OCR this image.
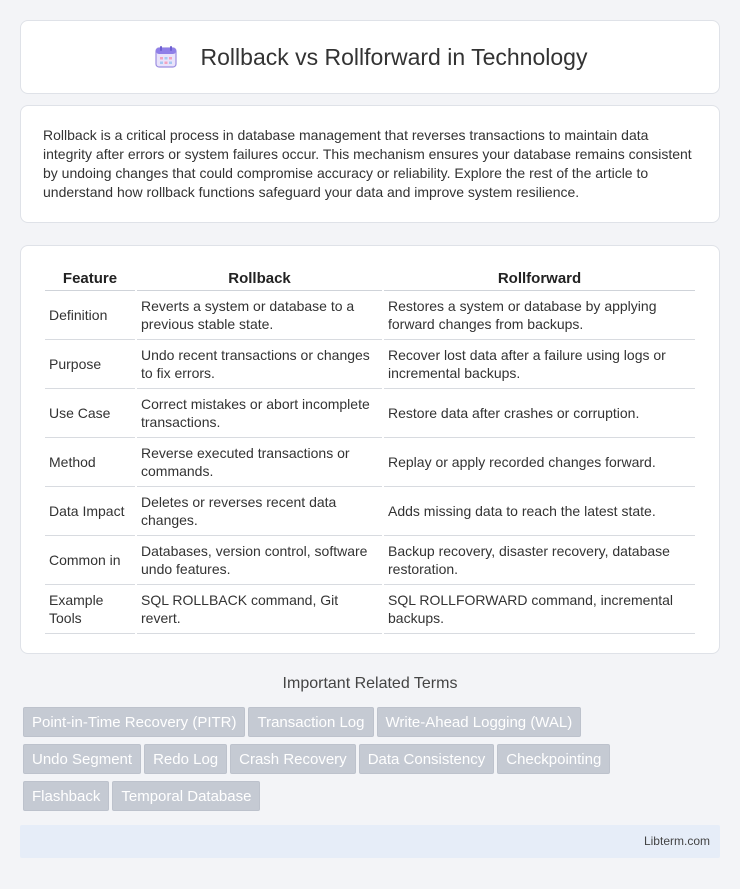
Rollback vs Rollforward in Technology

Rollback is a critical process in database management that reverses transactions to maintain data integrity after errors or system failures occur. This mechanism ensures your database remains consistent by undoing changes that could compromise accuracy or reliability. Explore the rest of the article to understand how rollback functions safeguard your data and improve system resilience.

Feature	Rollback	Rollforward
Definition	Reverts a system or database to a previous stable state.	Restores a system or database by applying forward changes from backups.
Purpose	Undo recent transactions or changes to fix errors.	Recover lost data after a failure using logs or incremental backups.
Use Case	Correct mistakes or abort incomplete transactions.	Restore data after crashes or corruption.
Method	Reverse executed transactions or commands.	Replay or apply recorded changes forward.
Data Impact	Deletes or reverses recent data changes.	Adds missing data to reach the latest state.
Common in	Databases, version control, software undo features.	Backup recovery, disaster recovery, database restoration.
Example Tools	SQL ROLLBACK command, Git revert.	SQL ROLLFORWARD command, incremental backups.
Important Related Terms
Point-in-Time Recovery (PITR) Transaction Log Write-Ahead Logging (WAL)
Undo Segment Redo Log Crash Recovery Data Consistency Checkpointing
Flashback Temporal Database
Libterm.com
